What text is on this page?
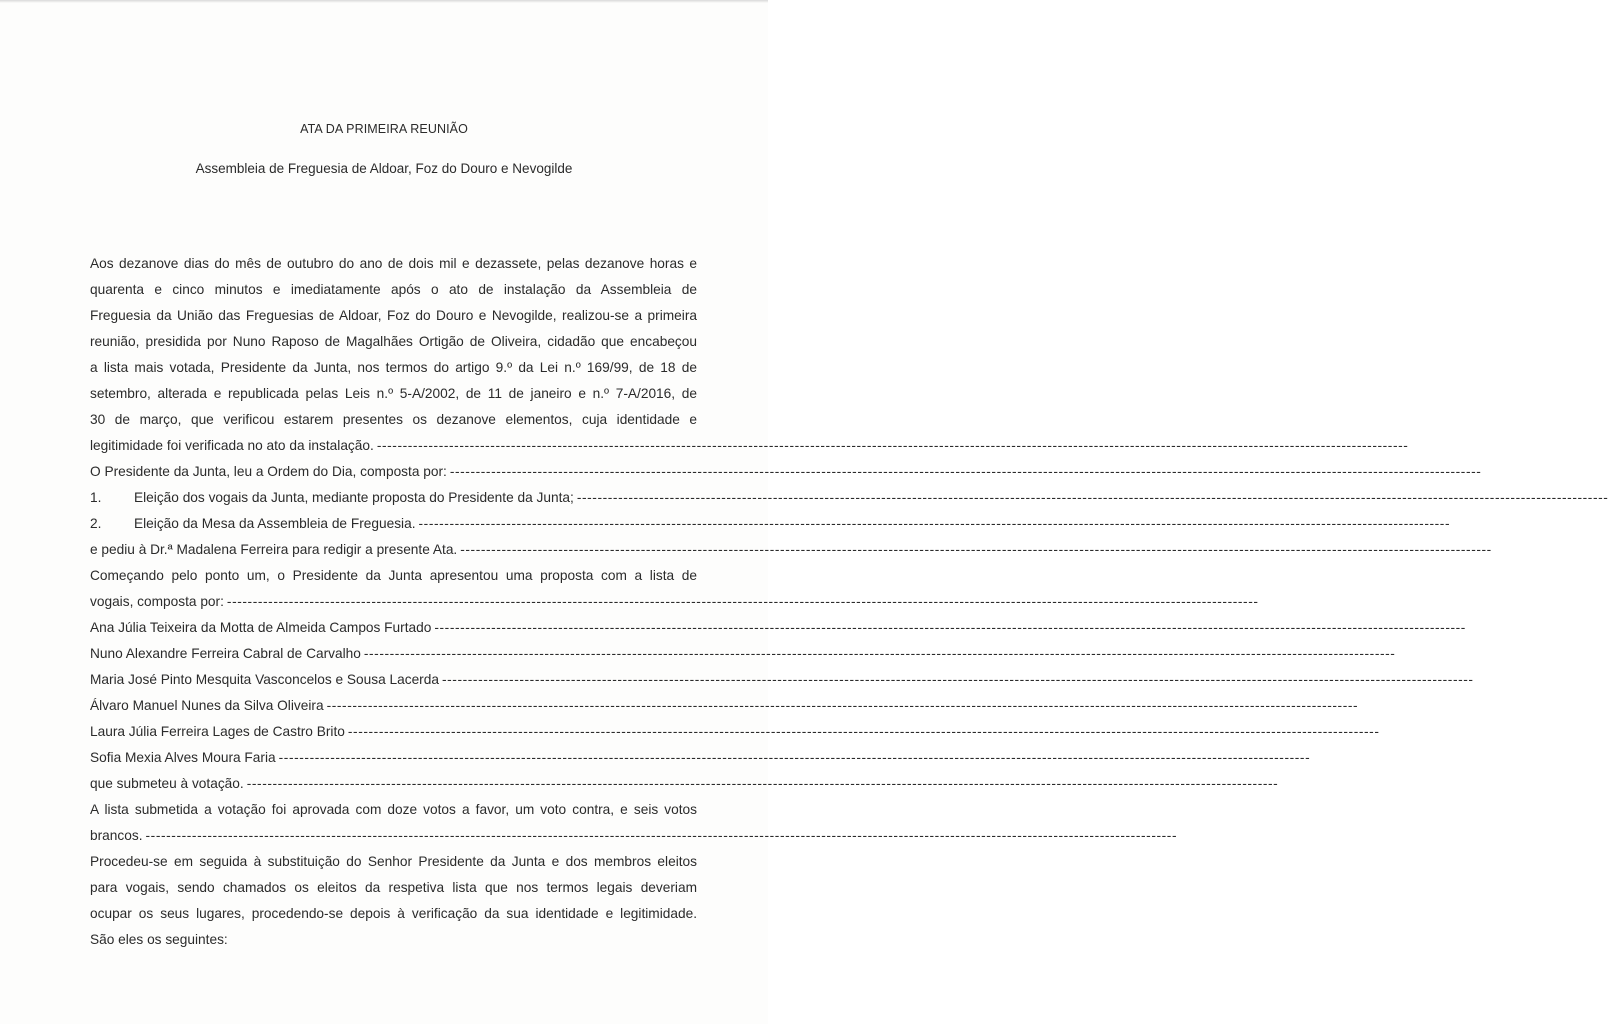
ATA DA PRIMEIRA REUNIÃO
Assembleia de Freguesia de Aldoar, Foz do Douro e Nevogilde
Aos dezanove dias do mês de outubro do ano de dois mil e dezassete, pelas dezanove horas e
quarenta e cinco minutos e imediatamente após o ato de instalação da Assembleia de
Freguesia da União das Freguesias de Aldoar, Foz do Douro e Nevogilde, realizou-se a primeira
reunião, presidida por Nuno Raposo de Magalhães Ortigão de Oliveira, cidadão que encabeçou
a lista mais votada, Presidente da Junta, nos termos do artigo 9.º da Lei n.º 169/99, de 18 de
setembro, alterada e republicada pelas Leis n.º 5-A/2002, de 11 de janeiro e n.º 7-A/2016, de
30 de março, que verificou estarem presentes os dezanove elementos, cuja identidade e
legitimidade foi verificada no ato da instalação. --------------------------------------------------------------------------------------------------------------------------------------------------------------------------------------------------------
O Presidente da Junta, leu a Ordem do Dia, composta por: --------------------------------------------------------------------------------------------------------------------------------------------------------------------------------------------------------
1.	Eleição dos vogais da Junta, mediante proposta do Presidente da Junta; --------------------------------------------------------------------------------------------------------------------------------------------------------------------------------------------------------
2.	Eleição da Mesa da Assembleia de Freguesia. --------------------------------------------------------------------------------------------------------------------------------------------------------------------------------------------------------
e pediu à Dr.ª Madalena Ferreira para redigir a presente Ata. --------------------------------------------------------------------------------------------------------------------------------------------------------------------------------------------------------
Começando pelo ponto um, o Presidente da Junta apresentou uma proposta com a lista de
vogais, composta por: --------------------------------------------------------------------------------------------------------------------------------------------------------------------------------------------------------
Ana Júlia Teixeira da Motta de Almeida Campos Furtado --------------------------------------------------------------------------------------------------------------------------------------------------------------------------------------------------------
Nuno Alexandre Ferreira Cabral de Carvalho --------------------------------------------------------------------------------------------------------------------------------------------------------------------------------------------------------
Maria José Pinto Mesquita Vasconcelos e Sousa Lacerda --------------------------------------------------------------------------------------------------------------------------------------------------------------------------------------------------------
Álvaro Manuel Nunes da Silva Oliveira --------------------------------------------------------------------------------------------------------------------------------------------------------------------------------------------------------
Laura Júlia Ferreira Lages de Castro Brito --------------------------------------------------------------------------------------------------------------------------------------------------------------------------------------------------------
Sofia Mexia Alves Moura Faria --------------------------------------------------------------------------------------------------------------------------------------------------------------------------------------------------------
que submeteu à votação. --------------------------------------------------------------------------------------------------------------------------------------------------------------------------------------------------------
A lista submetida a votação foi aprovada com doze votos a favor, um voto contra, e seis votos
brancos. --------------------------------------------------------------------------------------------------------------------------------------------------------------------------------------------------------
Procedeu-se em seguida à substituição do Senhor Presidente da Junta e dos membros eleitos
para vogais, sendo chamados os eleitos da respetiva lista que nos termos legais deveriam
ocupar os seus lugares, procedendo-se depois à verificação da sua identidade e legitimidade.
São eles os seguintes:
